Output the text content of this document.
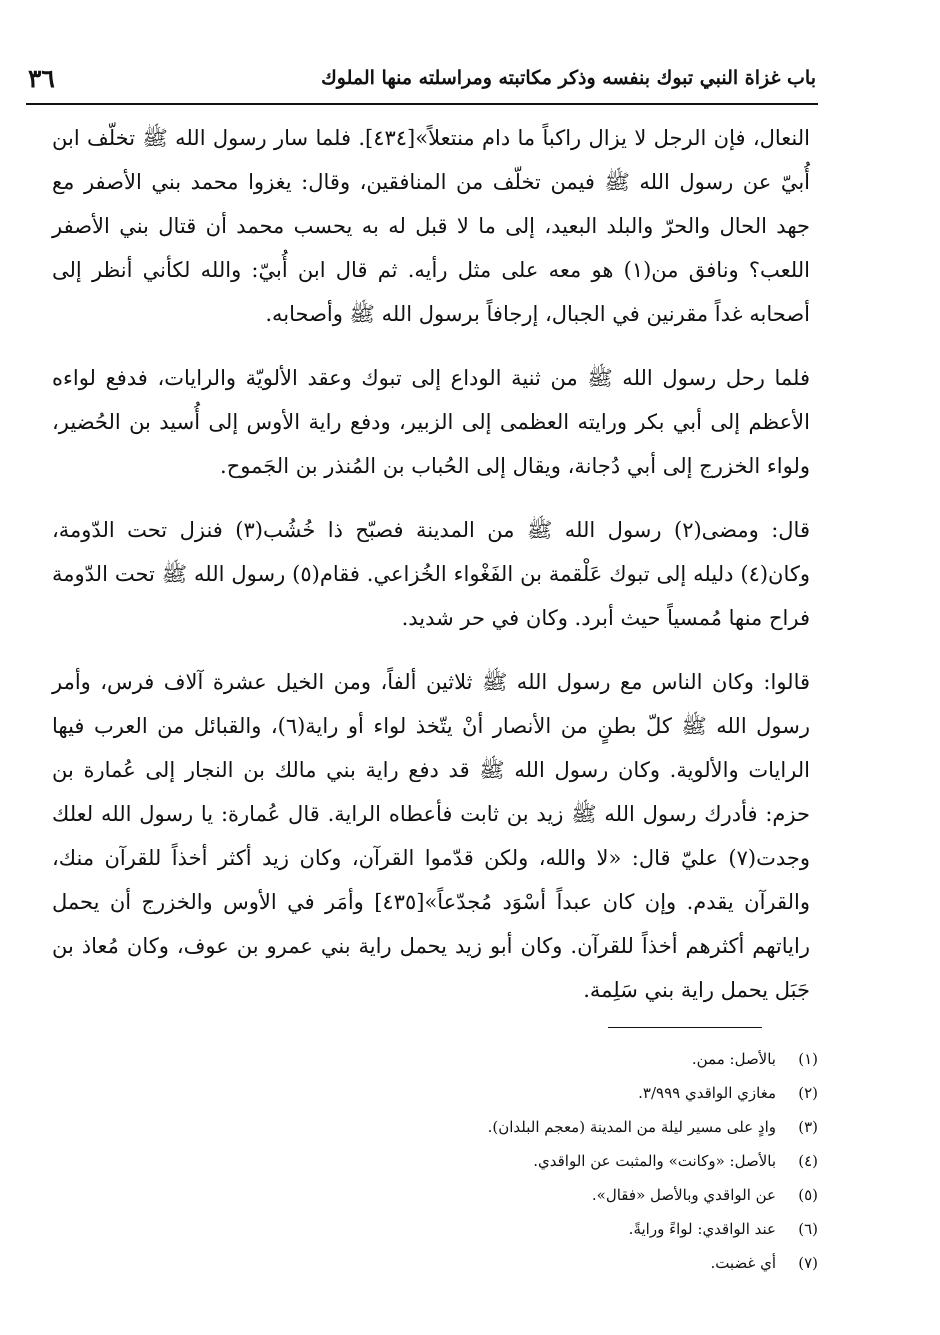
٣٦	باب غزاة النبي تبوك بنفسه وذكر مكاتبته ومراسلته منها الملوك

النعال، فإن الرجل لا يزال راكباً ما دام منتعلاً»[٤٣٤]. فلما سار رسول الله ﷺ تخلّف ابن أُبيّ عن رسول الله ﷺ فيمن تخلّف من المنافقين، وقال: يغزوا محمد بني الأصفر مع جهد الحال والحرّ والبلد البعيد، إلى ما لا قبل له به يحسب محمد أن قتال بني الأصفر اللعب؟ ونافق من(١) هو معه على مثل رأيه. ثم قال ابن أُبيّ: والله لكأني أنظر إلى أصحابه غداً مقرنين في الجبال، إرجافاً برسول الله ﷺ وأصحابه.

فلما رحل رسول الله ﷺ من ثنية الوداع إلى تبوك وعقد الألويّة والرايات، فدفع لواءه الأعظم إلى أبي بكر ورايته العظمى إلى الزبير، ودفع راية الأوس إلى أُسيد بن الحُضير، ولواء الخزرج إلى أبي دُجانة، ويقال إلى الحُباب بن المُنذر بن الجَموح.

قال: ومضى(٢) رسول الله ﷺ من المدينة فصبّح ذا خُشُب(٣) فنزل تحت الدّومة، وكان(٤) دليله إلى تبوك عَلْقمة بن الفَغْواء الخُزاعي. فقام(٥) رسول الله ﷺ تحت الدّومة فراح منها مُمسياً حيث أبرد. وكان في حر شديد.

قالوا: وكان الناس مع رسول الله ﷺ ثلاثين ألفاً، ومن الخيل عشرة آلاف فرس، وأمر رسول الله ﷺ كلّ بطنٍ من الأنصار أنْ يتّخذ لواء أو راية(٦)، والقبائل من العرب فيها الرايات والألوية. وكان رسول الله ﷺ قد دفع راية بني مالك بن النجار إلى عُمارة بن حزم: فأدرك رسول الله ﷺ زيد بن ثابت فأعطاه الراية. قال عُمارة: يا رسول الله لعلك وجدت(٧) عليّ قال: «لا والله، ولكن قدّموا القرآن، وكان زيد أكثر أخذاً للقرآن منك، والقرآن يقدم. وإن كان عبداً أسْوَد مُجدّعاً»[٤٣٥] وأمَر في الأوس والخزرج أن يحمل راياتهم أكثرهم أخذاً للقرآن. وكان أبو زيد يحمل راية بني عمرو بن عوف، وكان مُعاذ بن جَبَل يحمل راية بني سَلِمة.

(١)
بالأصل: ممن.
(٢)
مغازي الواقدي ٣/٩٩٩.
(٣)
وادٍ على مسير ليلة من المدينة (معجم البلدان).
(٤)
بالأصل: «وكانت» والمثبت عن الواقدي.
(٥)
عن الواقدي وبالأصل «فقال».
(٦)
عند الواقدي: لواءً ورايةً.
(٧)
أي غضبت.
